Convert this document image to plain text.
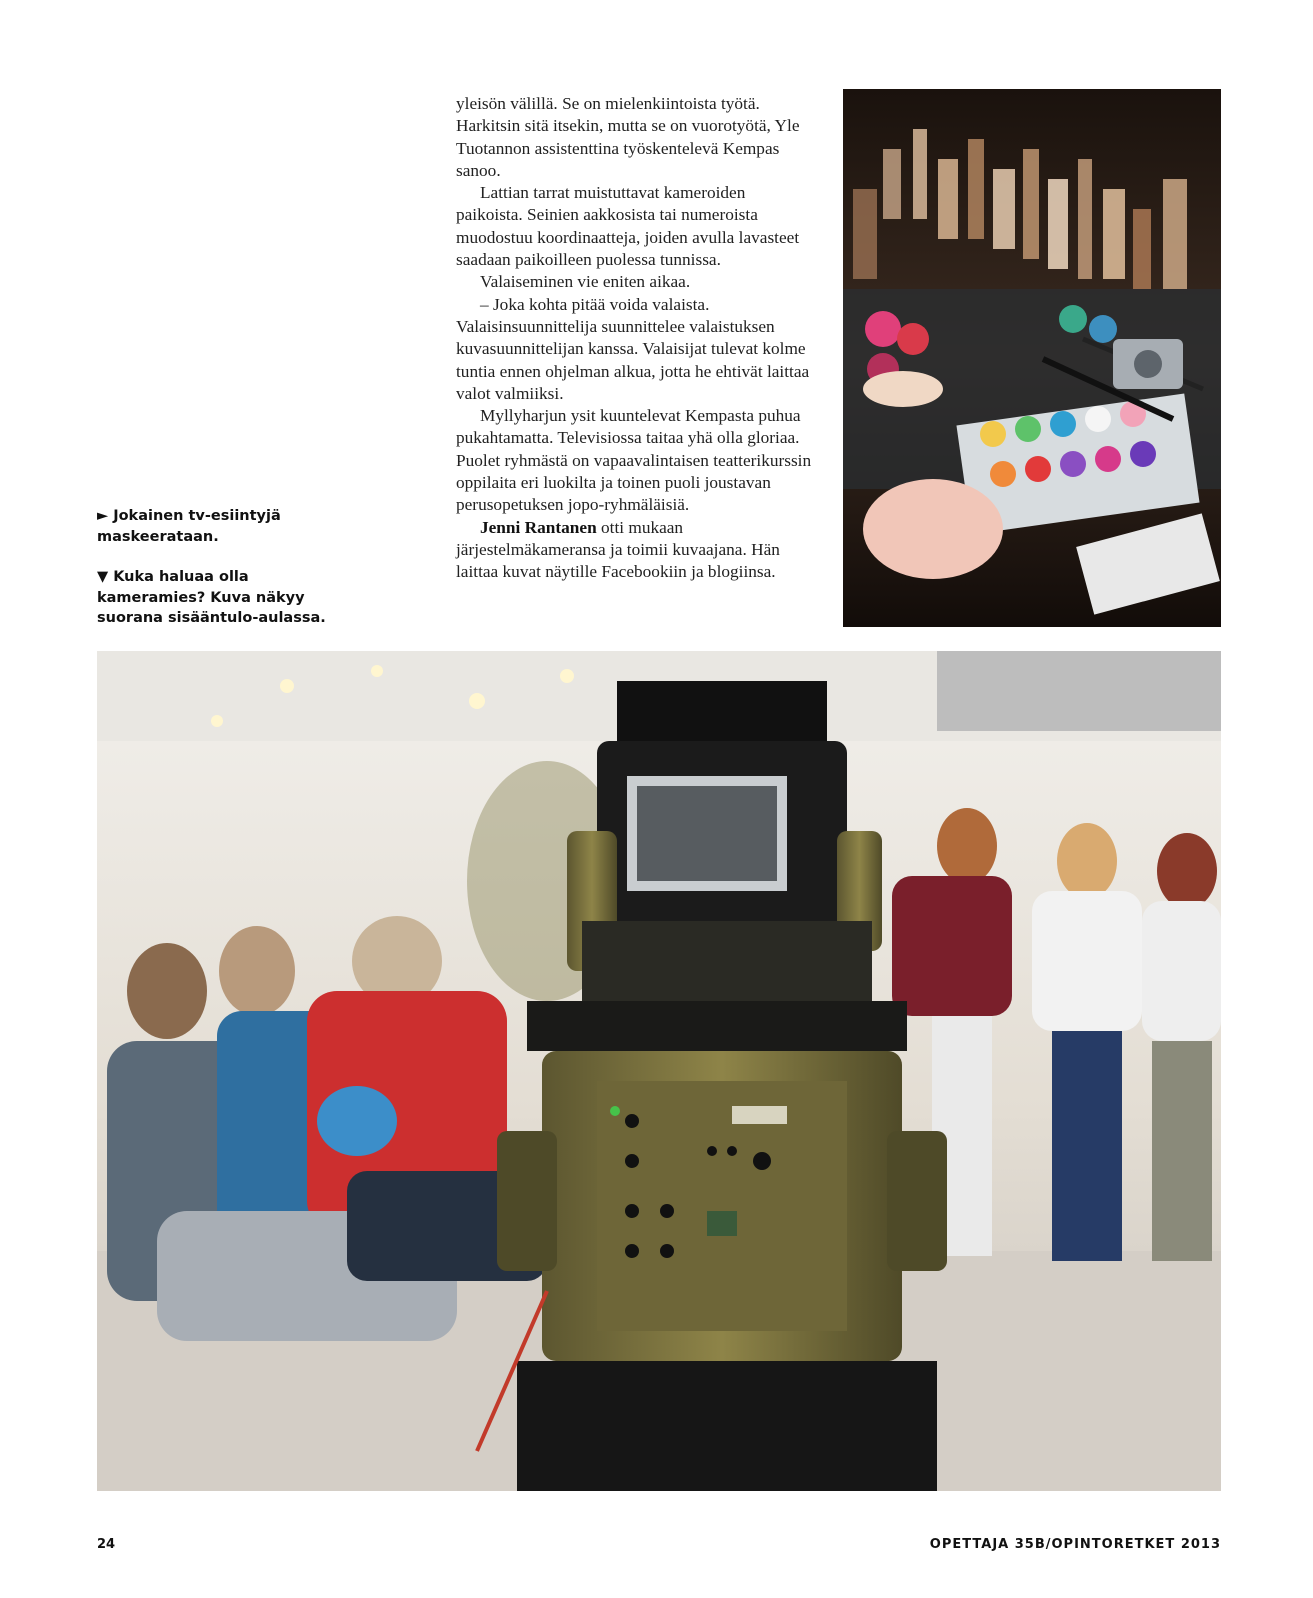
► Jokainen tv-esiintyjä maskeerataan.

▼ Kuka haluaa olla kameramies? Kuva näkyy suorana sisääntulo-aulassa.

yleisön välillä. Se on mielenkiintoista työtä. Harkitsin sitä itsekin, mutta se on vuorotyötä, Yle Tuotannon assistenttina työskentelevä Kempas sanoo.

Lattian tarrat muistuttavat kameroiden paikoista. Seinien aakkosista tai numeroista muodostuu koordinaatteja, joiden avulla lavasteet saadaan paikoilleen puolessa tunnissa.

Valaiseminen vie eniten aikaa.

– Joka kohta pitää voida valaista. Valaisinsuunnittelija suunnittelee valaistuksen kuvasuunnittelijan kanssa. Valaisijat tulevat kolme tuntia ennen ohjelman alkua, jotta he ehtivät laittaa valot valmiiksi.

Myllyharjun ysit kuuntelevat Kempasta puhua pukahtamatta. Televisiossa taitaa yhä olla gloriaa. Puolet ryhmästä on vapaavalintaisen teatterikurssin oppilaita eri luokilta ja toinen puoli joustavan perusopetuksen jopo-ryhmäläisiä.

Jenni Rantanen otti mukaan järjestelmäkameransa ja toimii kuvaajana. Hän laittaa kuvat näytille Facebookiin ja blogiinsa.

24	OPETTAJA 35B/OPINTORETKET 2013
